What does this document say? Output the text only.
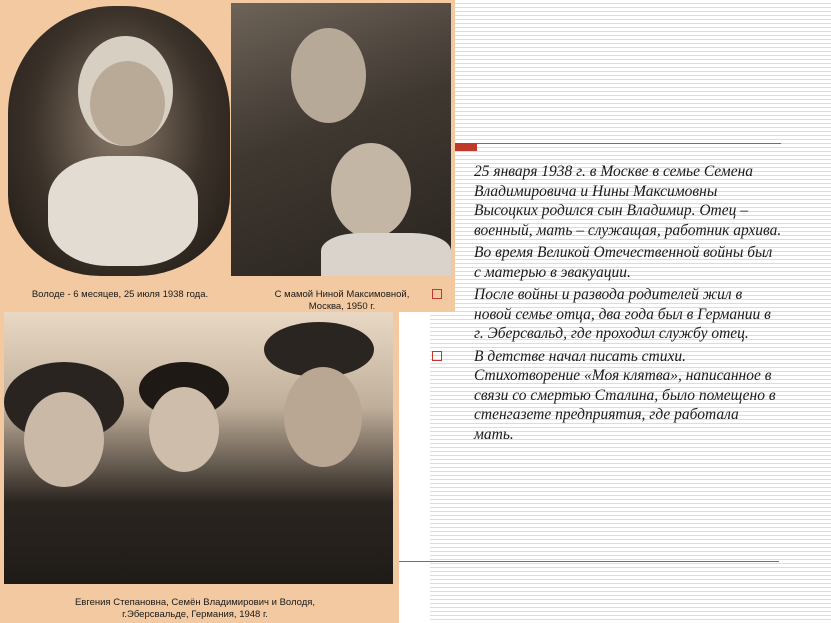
Володе - 6 месяцев, 25 июля 1938 года.	С мамой Ниной Максимовной,
Москва, 1950 г.
Евгения Степановна, Семён Владимирович и Володя,
г.Эберсвальде, Германия, 1948 г.
25 января 1938 г. в Москве в семье Семена Владимировича и Нины Максимовны Высоцких родился сын Владимир. Отец – военный, мать – служащая, работник архива.
Во время Великой Отечественной войны был с матерью в эвакуации.
После войны и развода родителей жил в новой семье отца, два года был в Германии в г. Эберсвальд, где проходил службу отец.
В детстве начал писать стихи. Стихотворение «Моя клятва», написанное в связи со смертью Сталина, было помещено в стенгазете предприятия, где работала мать.
